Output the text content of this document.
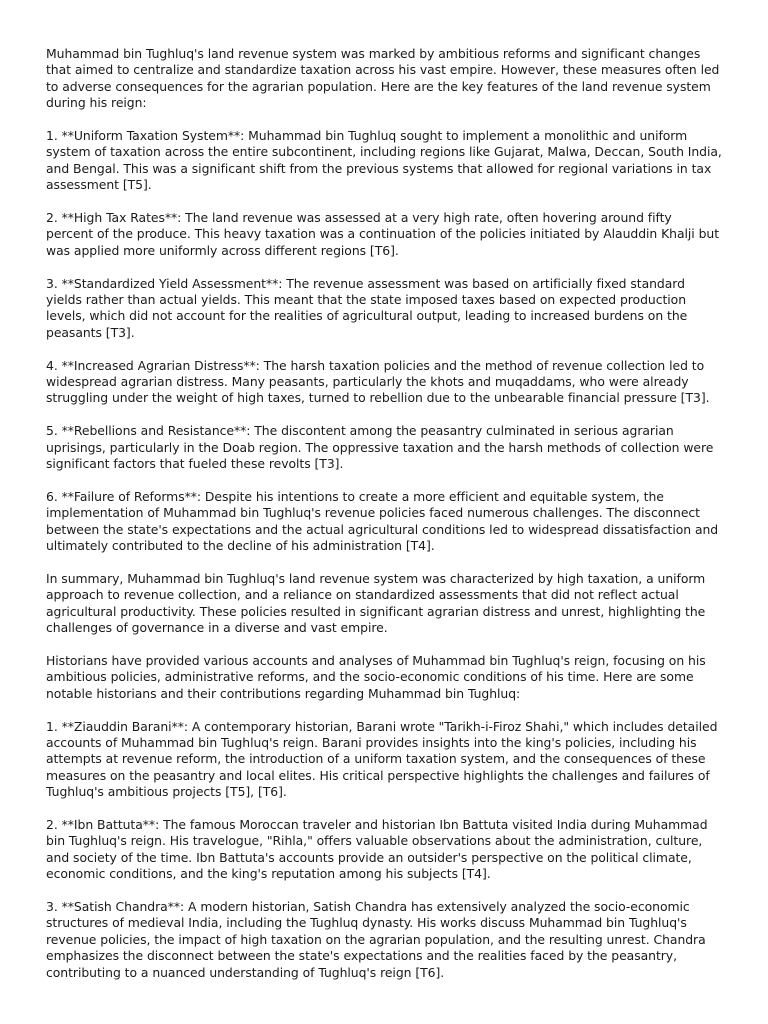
Muhammad bin Tughluq's land revenue system was marked by ambitious reforms and significant changes that aimed to centralize and standardize taxation across his vast empire. However, these measures often led to adverse consequences for the agrarian population. Here are the key features of the land revenue system during his reign:

1. **Uniform Taxation System**: Muhammad bin Tughluq sought to implement a monolithic and uniform system of taxation across the entire subcontinent, including regions like Gujarat, Malwa, Deccan, South India, and Bengal. This was a significant shift from the previous systems that allowed for regional variations in tax assessment [T5].

2. **High Tax Rates**: The land revenue was assessed at a very high rate, often hovering around fifty percent of the produce. This heavy taxation was a continuation of the policies initiated by Alauddin Khalji but was applied more uniformly across different regions [T6].

3. **Standardized Yield Assessment**: The revenue assessment was based on artificially fixed standard yields rather than actual yields. This meant that the state imposed taxes based on expected production levels, which did not account for the realities of agricultural output, leading to increased burdens on the peasants [T3].

4. **Increased Agrarian Distress**: The harsh taxation policies and the method of revenue collection led to widespread agrarian distress. Many peasants, particularly the khots and muqaddams, who were already struggling under the weight of high taxes, turned to rebellion due to the unbearable financial pressure [T3].

5. **Rebellions and Resistance**: The discontent among the peasantry culminated in serious agrarian uprisings, particularly in the Doab region. The oppressive taxation and the harsh methods of collection were significant factors that fueled these revolts [T3].

6. **Failure of Reforms**: Despite his intentions to create a more efficient and equitable system, the implementation of Muhammad bin Tughluq's revenue policies faced numerous challenges. The disconnect between the state's expectations and the actual agricultural conditions led to widespread dissatisfaction and ultimately contributed to the decline of his administration [T4].

In summary, Muhammad bin Tughluq's land revenue system was characterized by high taxation, a uniform approach to revenue collection, and a reliance on standardized assessments that did not reflect actual agricultural productivity. These policies resulted in significant agrarian distress and unrest, highlighting the challenges of governance in a diverse and vast empire.

Historians have provided various accounts and analyses of Muhammad bin Tughluq's reign, focusing on his ambitious policies, administrative reforms, and the socio-economic conditions of his time. Here are some notable historians and their contributions regarding Muhammad bin Tughluq:

1. **Ziauddin Barani**: A contemporary historian, Barani wrote "Tarikh-i-Firoz Shahi," which includes detailed accounts of Muhammad bin Tughluq's reign. Barani provides insights into the king's policies, including his attempts at revenue reform, the introduction of a uniform taxation system, and the consequences of these measures on the peasantry and local elites. His critical perspective highlights the challenges and failures of Tughluq's ambitious projects [T5], [T6].

2. **Ibn Battuta**: The famous Moroccan traveler and historian Ibn Battuta visited India during Muhammad bin Tughluq's reign. His travelogue, "Rihla," offers valuable observations about the administration, culture, and society of the time. Ibn Battuta's accounts provide an outsider's perspective on the political climate, economic conditions, and the king's reputation among his subjects [T4].

3. **Satish Chandra**: A modern historian, Satish Chandra has extensively analyzed the socio-economic structures of medieval India, including the Tughluq dynasty. His works discuss Muhammad bin Tughluq's revenue policies, the impact of high taxation on the agrarian population, and the resulting unrest. Chandra emphasizes the disconnect between the state's expectations and the realities faced by the peasantry, contributing to a nuanced understanding of Tughluq's reign [T6].
